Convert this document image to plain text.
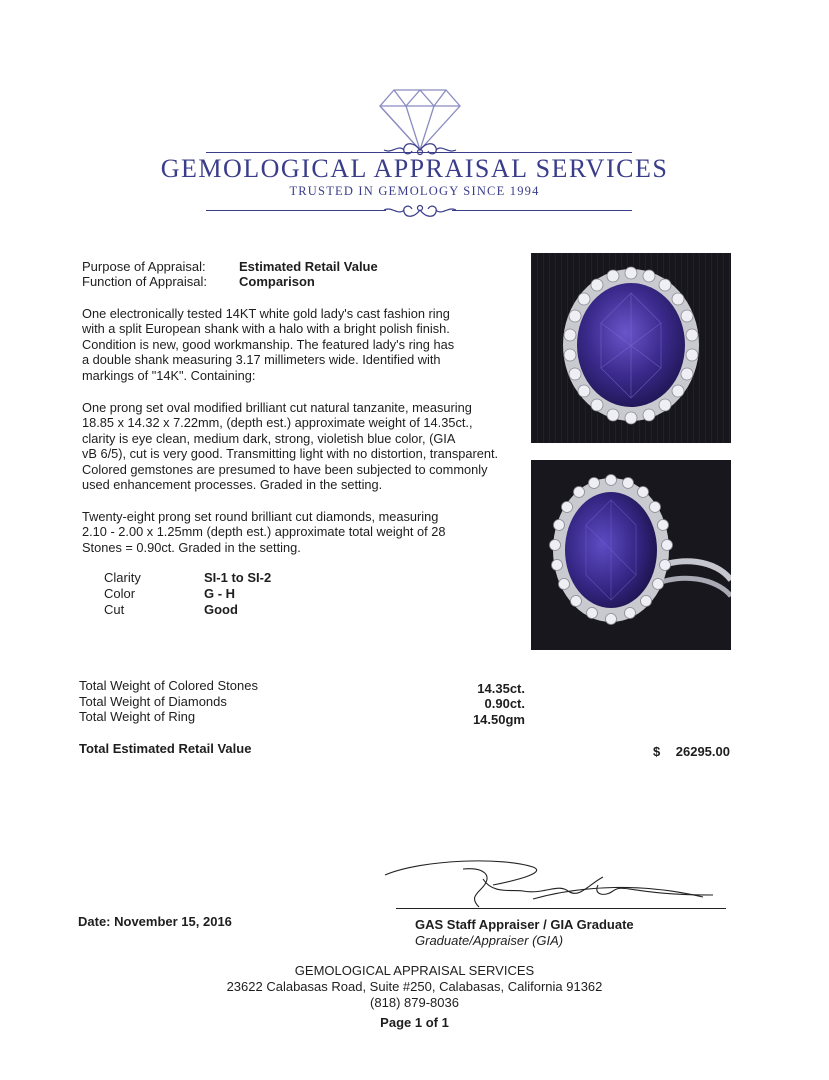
GEMOLOGICAL APPRAISAL SERVICES
TRUSTED IN GEMOLOGY SINCE 1994
Purpose of Appraisal:	Estimated Retail Value
Function of Appraisal: Comparison
One electronically tested 14KT white gold lady's cast fashion ring
with a split European shank with a halo with a bright polish finish.
Condition is new, good workmanship. The featured lady's ring has
a double shank measuring 3.17 millimeters wide. Identified with
markings of "14K". Containing:
One prong set oval modified brilliant cut natural tanzanite, measuring
18.85 x 14.32 x 7.22mm, (depth est.) approximate weight of 14.35ct.,
clarity is eye clean, medium dark, strong, violetish blue color, (GIA
vB 6/5), cut is very good. Transmitting light with no distortion, transparent.
Colored gemstones are presumed to have been subjected to commonly
used enhancement processes. Graded in the setting.
Twenty-eight prong set round brilliant cut diamonds, measuring
2.10 - 2.00 x 1.25mm (depth est.) approximate total weight of 28
Stones = 0.90ct. Graded in the setting.
Clarity	SI-1 to SI-2
Color	G - H
Cut	Good
Total Weight of Colored Stones	14.35ct.
Total Weight of Diamonds	0.90ct.
Total Weight of Ring	14.50gm
Total Estimated Retail Value	$	26295.00
Date: November 15, 2016	GAS Staff Appraiser / GIA Graduate
Graduate/Appraiser (GIA)
GEMOLOGICAL APPRAISAL SERVICES
23622 Calabasas Road, Suite #250, Calabasas, California 91362
(818) 879-8036
Page 1 of 1
